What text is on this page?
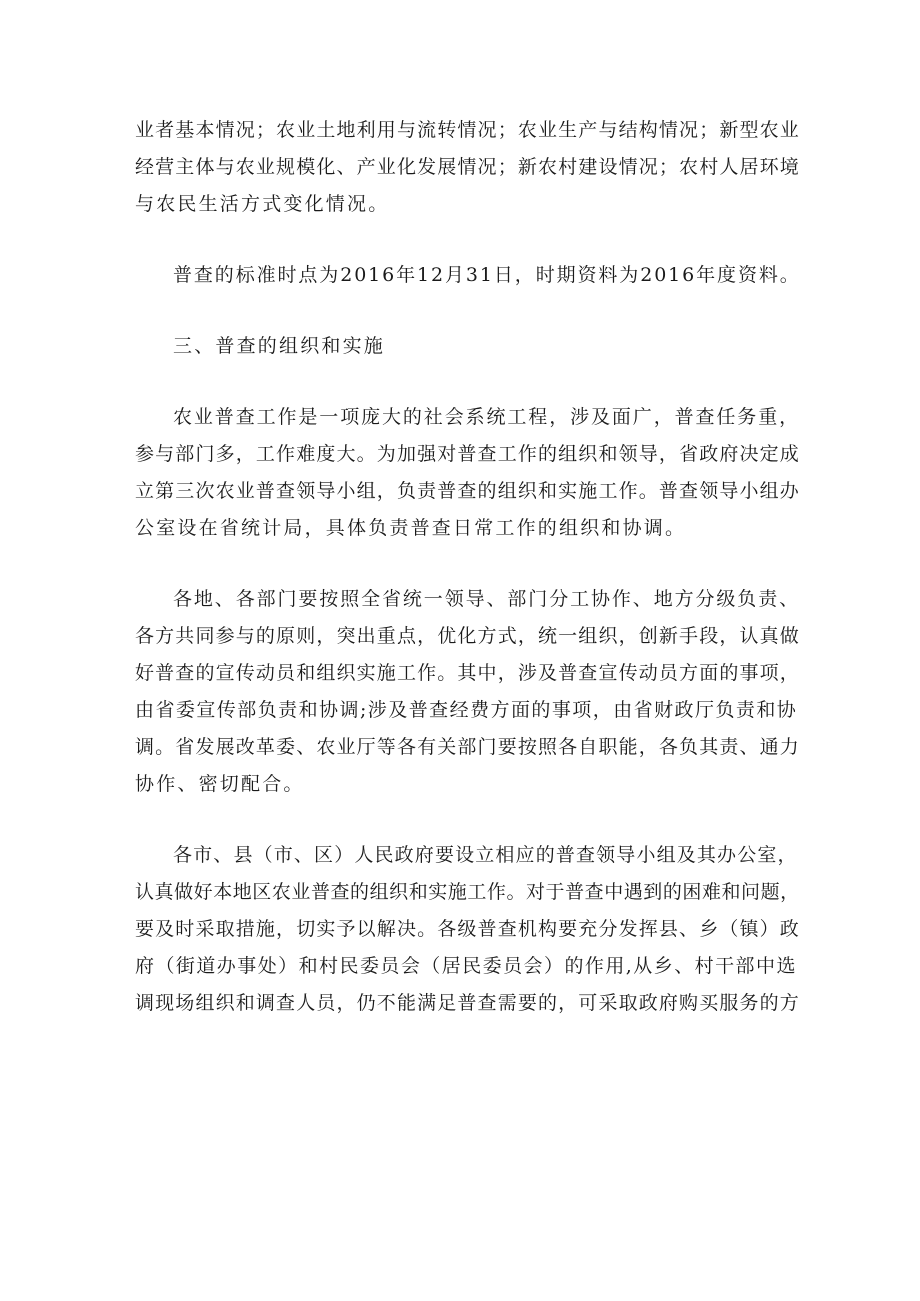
业者基本情况；农业土地利用与流转情况；农业生产与结构情况；新型农业
经营主体与农业规模化、产业化发展情况；新农村建设情况；农村人居环境
与农民生活方式变化情况。

普查的标准时点为2016年12月31日，时期资料为2016年度资料。

三、普查的组织和实施

农业普查工作是一项庞大的社会系统工程，涉及面广，普查任务重，
参与部门多，工作难度大。为加强对普查工作的组织和领导，省政府决定成
立第三次农业普查领导小组，负责普查的组织和实施工作。普查领导小组办
公室设在省统计局，具体负责普查日常工作的组织和协调。

各地、各部门要按照全省统一领导、部门分工协作、地方分级负责、
各方共同参与的原则，突出重点，优化方式，统一组织，创新手段，认真做
好普查的宣传动员和组织实施工作。其中，涉及普查宣传动员方面的事项，
由省委宣传部负责和协调;涉及普查经费方面的事项，由省财政厅负责和协
调。省发展改革委、农业厅等各有关部门要按照各自职能，各负其责、通力
协作、密切配合。

各市、县（市、区）人民政府要设立相应的普查领导小组及其办公室，
认真做好本地区农业普查的组织和实施工作。对于普查中遇到的困难和问题，
要及时采取措施，切实予以解决。各级普查机构要充分发挥县、乡（镇）政
府（街道办事处）和村民委员会（居民委员会）的作用,从乡、村干部中选
调现场组织和调查人员，仍不能满足普查需要的，可采取政府购买服务的方
